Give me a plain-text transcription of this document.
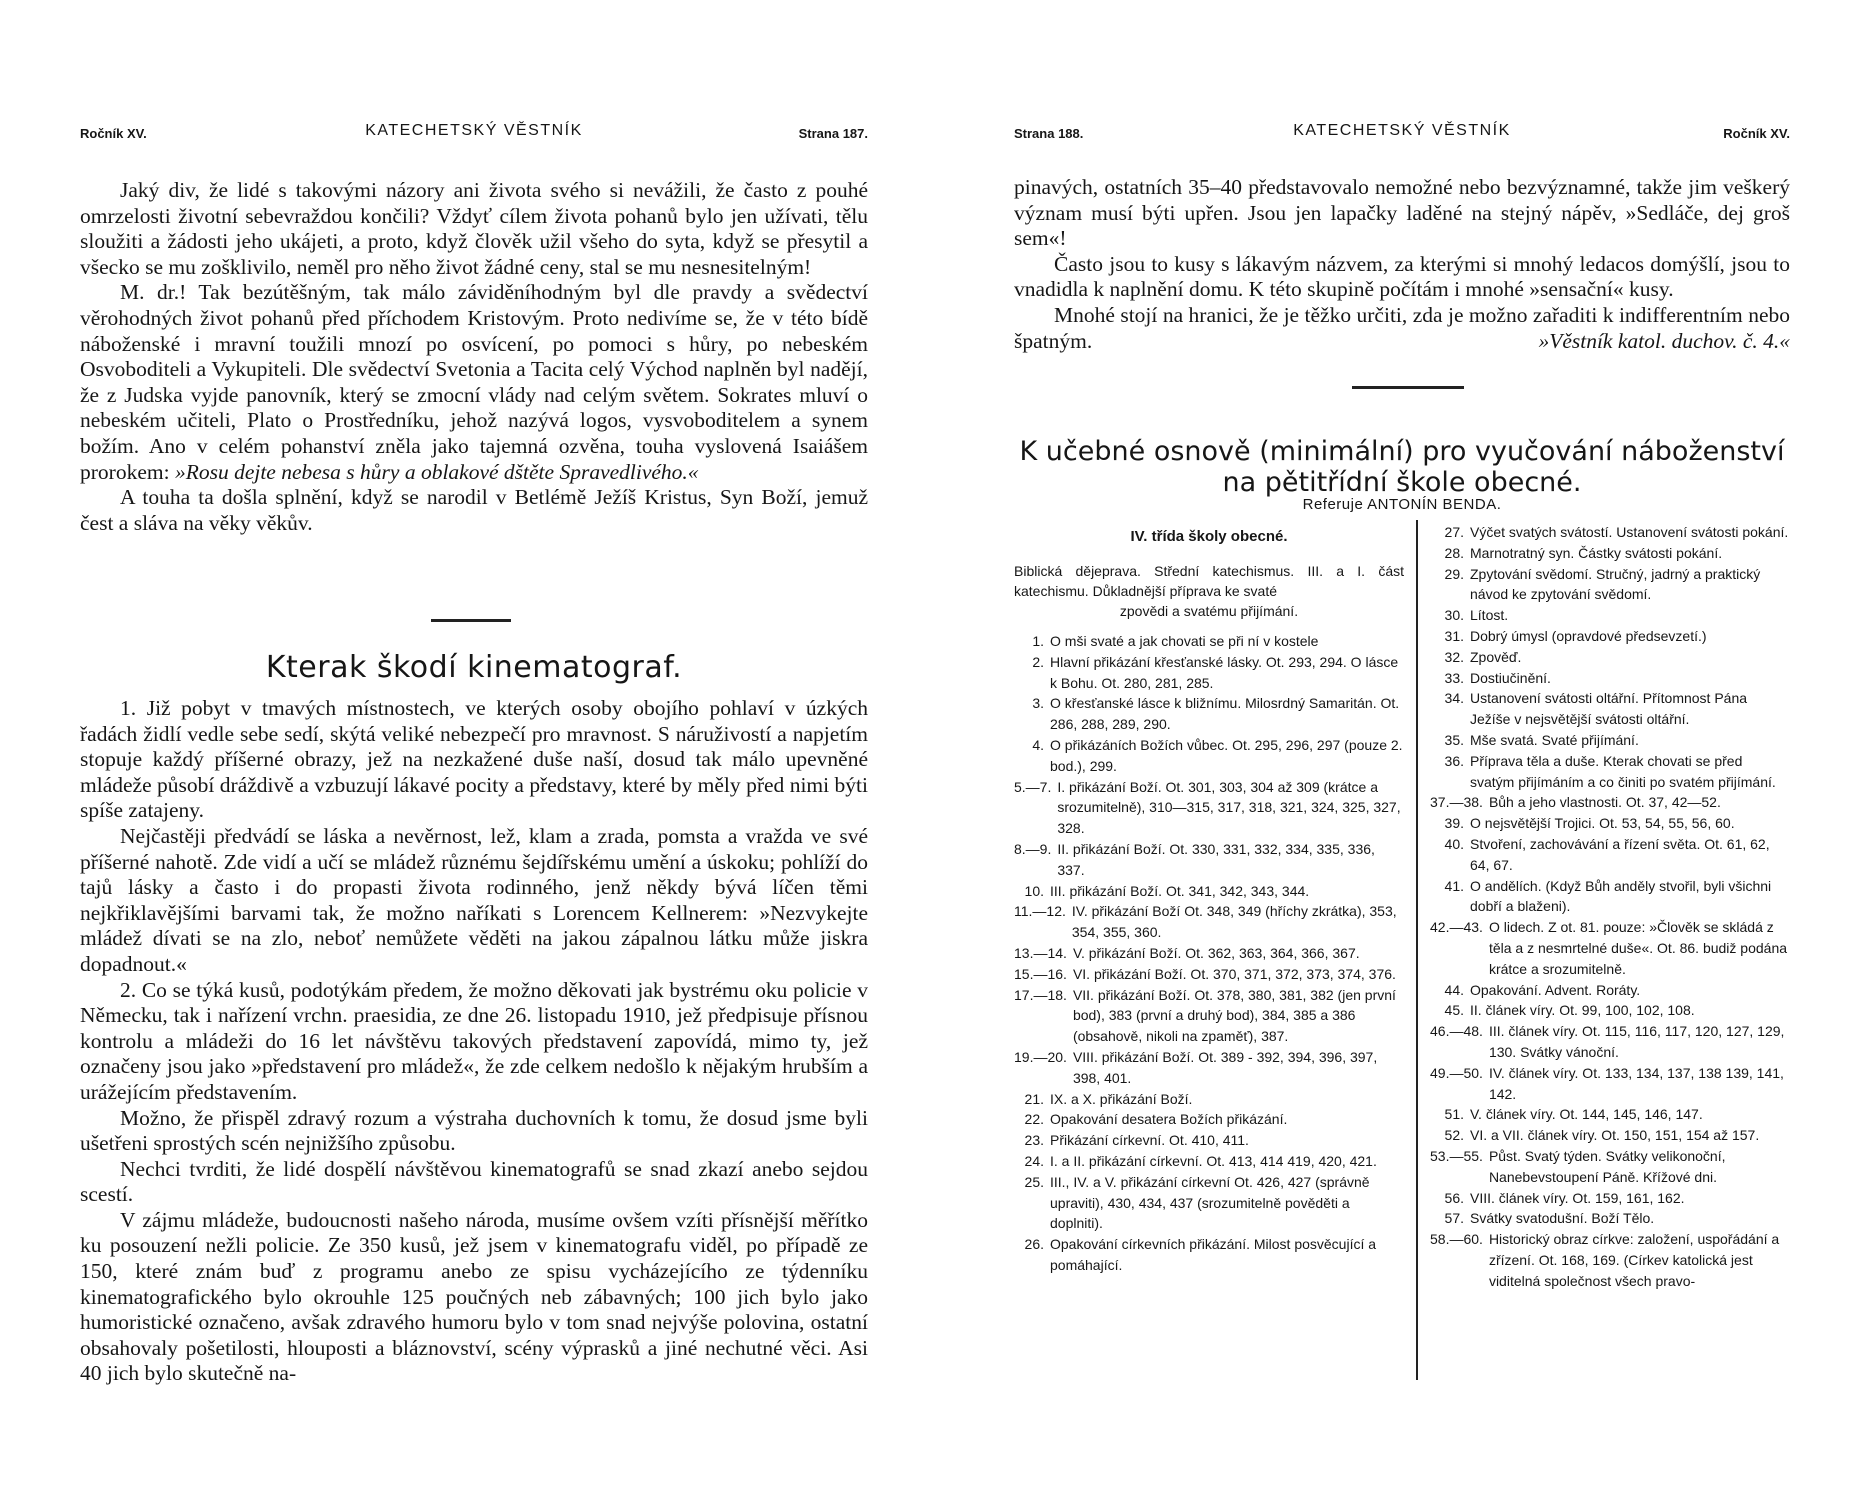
Ročník XV.	KATECHETSKÝ VĚSTNÍK	Strana 187.

Jaký div, že lidé s takovými názory ani života svého si nevážili, že často z pouhé omrzelosti životní sebevraždou končili? Vždyť cílem života pohanů bylo jen užívati, tělu sloužiti a žádosti jeho ukájeti, a proto, když člověk užil všeho do syta, když se přesytil a všecko se mu zošklivilo, neměl pro něho život žádné ceny, stal se mu nesnesitelným!

M. dr.! Tak bezútěšným, tak málo záviděníhodným byl dle pravdy a svědectví věrohodných život pohanů před příchodem Kristovým. Proto nedivíme se, že v této bídě náboženské i mravní toužili mnozí po osvícení, po pomoci s hůry, po nebeském Osvoboditeli a Vykupiteli. Dle svědectví Svetonia a Tacita celý Východ naplněn byl nadějí, že z Judska vyjde panovník, který se zmocní vlády nad celým světem. Sokrates mluví o nebeském učiteli, Plato o Prostředníku, jehož nazývá logos, vysvoboditelem a synem božím. Ano v celém pohanství zněla jako tajemná ozvěna, touha vyslovená Isaiášem prorokem: »Rosu dejte nebesa s hůry a oblakové dštěte Spravedlivého.«

A touha ta došla splnění, když se narodil v Betlémě Ježíš Kristus, Syn Boží, jemuž čest a sláva na věky věkův.

Kterak škodí kinematograf.

1. Již pobyt v tmavých místnostech, ve kterých osoby obojího pohlaví v úzkých řadách židlí vedle sebe sedí, skýtá veliké nebezpečí pro mravnost. S náruživostí a napjetím stopuje každý příšerné obrazy, jež na nezkažené duše naší, dosud tak málo upevněné mládeže působí dráždivě a vzbuzují lákavé pocity a představy, které by měly před nimi býti spíše zatajeny.

Nejčastěji předvádí se láska a nevěrnost, lež, klam a zrada, pomsta a vražda ve své příšerné nahotě. Zde vidí a učí se mládež různému šejdířskému umění a úskoku; pohlíží do tajů lásky a často i do propasti života rodinného, jenž někdy bývá líčen těmi nejkřiklavějšími barvami tak, že možno naříkati s Lorencem Kellnerem: »Nezvykejte mládež dívati se na zlo, neboť nemůžete věděti na jakou zápalnou látku může jiskra dopadnout.«

2. Co se týká kusů, podotýkám předem, že možno děkovati jak bystrému oku policie v Německu, tak i nařízení vrchn. praesidia, ze dne 26. listopadu 1910, jež předpisuje přísnou kontrolu a mládeži do 16 let návštěvu takových představení zapovídá, mimo ty, jež označeny jsou jako »představení pro mládež«, že zde celkem nedošlo k nějakým hrubším a urážejícím představením.

Možno, že přispěl zdravý rozum a výstraha duchovních k tomu, že dosud jsme byli ušetřeni sprostých scén nejnižšího způsobu.

Nechci tvrditi, že lidé dospělí návštěvou kinematografů se snad zkazí anebo sejdou scestí.

V zájmu mládeže, budoucnosti našeho národa, musíme ovšem vzíti přísnější měřítko ku posouzení nežli policie. Ze 350 kusů, jež jsem v kinematografu viděl, po případě ze 150, které znám buď z programu anebo ze spisu vycházejícího ze týdenníku kinematografického bylo okrouhle 125 poučných neb zábavných; 100 jich bylo jako humoristické označeno, avšak zdravého humoru bylo v tom snad nejvýše polovina, ostatní obsahovaly pošetilosti, hlouposti a bláznovství, scény výprasků a jiné nechutné věci. Asi 40 jich bylo skutečně na-

Strana 188.	KATECHETSKÝ VĚSTNÍK	Ročník XV.

pinavých, ostatních 35–40 představovalo nemožné nebo bezvýznamné, takže jim veškerý význam musí býti upřen. Jsou jen lapačky laděné na stejný nápěv, »Sedláče, dej groš sem«!

Často jsou to kusy s lákavým názvem, za kterými si mnohý ledacos domýšlí, jsou to vnadidla k naplnění domu. K této skupině počítám i mnohé »sensační« kusy.

Mnohé stojí na hranici, že je těžko určiti, zda je možno zařaditi k indifferentním nebo špatným.	»Věstník katol. duchov. č. 4.«

K učebné osnově (minimální) pro vyučování náboženství
na pětitřídní škole obecné.
Referuje ANTONÍN BENDA.
IV. třída školy obecné.
Biblická dějeprava. Střední katechismus. III. a I. část katechismu. Důkladnější příprava ke svaté
zpovědi a svatému přijímání.
1. O mši svaté a jak chovati se při ní v kostele
2. Hlavní přikázání křesťanské lásky. Ot. 293, 294. O lásce k Bohu. Ot. 280, 281, 285.
3. O křesťanské lásce k bližnímu. Milosrdný Samaritán. Ot. 286, 288, 289, 290.
4. O přikázáních Božích vůbec. Ot. 295, 296, 297 (pouze 2. bod.), 299.
5.—7. I. přikázání Boží. Ot. 301, 303, 304 až 309 (krátce a srozumitelně), 310—315, 317, 318, 321, 324, 325, 327, 328.
8.—9. II. přikázání Boží. Ot. 330, 331, 332, 334, 335, 336, 337.
10. III. přikázání Boží. Ot. 341, 342, 343, 344.
11.—12. IV. přikázání Boží Ot. 348, 349 (hříchy zkrátka), 353, 354, 355, 360.
13.—14. V. přikázání Boží. Ot. 362, 363, 364, 366, 367.
15.—16. VI. přikázání Boží. Ot. 370, 371, 372, 373, 374, 376.
17.—18. VII. přikázání Boží. Ot. 378, 380, 381, 382 (jen první bod), 383 (první a druhý bod), 384, 385 a 386 (obsahově, nikoli na zpaměť), 387.
19.—20. VIII. přikázání Boží. Ot. 389 - 392, 394, 396, 397, 398, 401.
21. IX. a X. přikázání Boží.
22. Opakování desatera Božích přikázání.
23. Přikázání církevní. Ot. 410, 411.
24. I. a II. přikázání církevní. Ot. 413, 414 419, 420, 421.
25. III., IV. a V. přikázání církevní Ot. 426, 427 (správně upraviti), 430, 434, 437 (srozumitelně pověděti a doplniti).
26. Opakování církevních přikázání. Milost posvěcující a pomáhající.
27. Výčet svatých svátostí. Ustanovení svátosti pokání.
28. Marnotratný syn. Částky svátosti pokání.
29. Zpytování svědomí. Stručný, jadrný a praktický návod ke zpytování svědomí.
30. Lítost.
31. Dobrý úmysl (opravdové předsevzetí.)
32. Zpověď.
33. Dostiučinění.
34. Ustanovení svátosti oltářní. Přítomnost Pána Ježíše v nejsvětější svátosti oltářní.
35. Mše svatá. Svaté přijímání.
36. Příprava těla a duše. Kterak chovati se před svatým přijímáním a co činiti po svatém přijímání.
37.—38. Bůh a jeho vlastnosti. Ot. 37, 42—52.
39. O nejsvětější Trojici. Ot. 53, 54, 55, 56, 60.
40. Stvoření, zachovávání a řízení světa. Ot. 61, 62, 64, 67.
41. O andělích. (Když Bůh anděly stvořil, byli všichni dobří a blaženi).
42.—43. O lidech. Z ot. 81. pouze: »Člověk se skládá z těla a z nesmrtelné duše«. Ot. 86. budiž podána krátce a srozumitelně.
44. Opakování. Advent. Roráty.
45. II. článek víry. Ot. 99, 100, 102, 108.
46.—48. III. článek víry. Ot. 115, 116, 117, 120, 127, 129, 130. Svátky vánoční.
49.—50. IV. článek víry. Ot. 133, 134, 137, 138 139, 141, 142.
51. V. článek víry. Ot. 144, 145, 146, 147.
52. VI. a VII. článek víry. Ot. 150, 151, 154 až 157.
53.—55. Půst. Svatý týden. Svátky velikonoční, Nanebevstoupení Páně. Křížové dni.
56. VIII. článek víry. Ot. 159, 161, 162.
57. Svátky svatodušní. Boží Tělo.
58.—60. Historický obraz církve: založení, uspořádání a zřízení. Ot. 168, 169. (Církev katolická jest viditelná společnost všech pravo-
